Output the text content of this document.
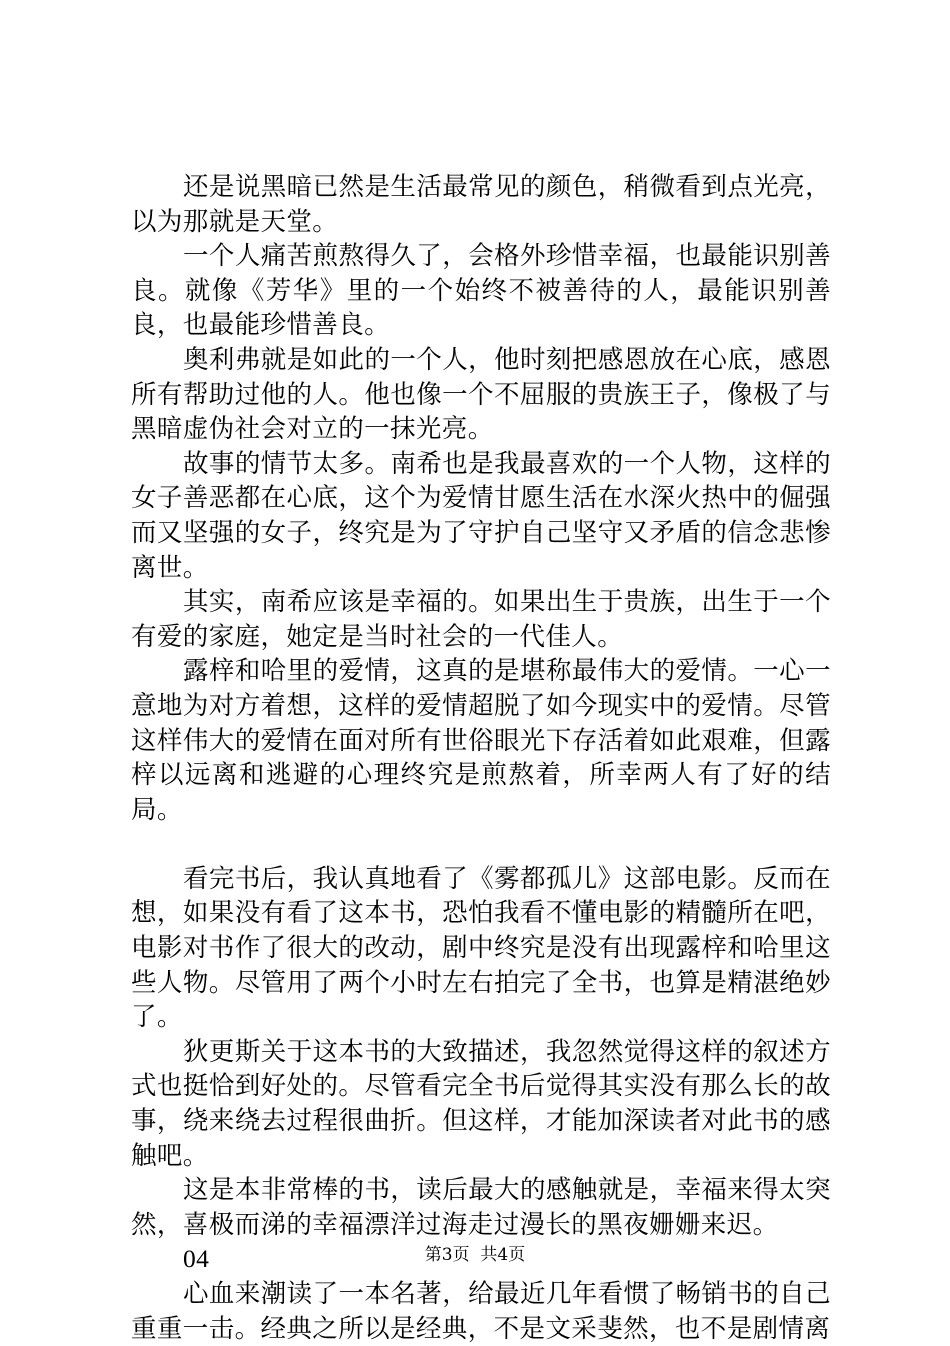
还是说黑暗已然是生活最常见的颜色，稍微看到点光亮，以为那就是天堂。

一个人痛苦煎熬得久了，会格外珍惜幸福，也最能识别善良。就像《芳华》里的一个始终不被善待的人，最能识别善良，也最能珍惜善良。

奥利弗就是如此的一个人，他时刻把感恩放在心底，感恩所有帮助过他的人。他也像一个不屈服的贵族王子，像极了与黑暗虚伪社会对立的一抹光亮。

故事的情节太多。南希也是我最喜欢的一个人物，这样的女子善恶都在心底，这个为爱情甘愿生活在水深火热中的倔强而又坚强的女子，终究是为了守护自己坚守又矛盾的信念悲惨离世。

其实，南希应该是幸福的。如果出生于贵族，出生于一个有爱的家庭，她定是当时社会的一代佳人。

露梓和哈里的爱情，这真的是堪称最伟大的爱情。一心一意地为对方着想，这样的爱情超脱了如今现实中的爱情。尽管这样伟大的爱情在面对所有世俗眼光下存活着如此艰难，但露梓以远离和逃避的心理终究是煎熬着，所幸两人有了好的结局。

看完书后，我认真地看了《雾都孤儿》这部电影。反而在想，如果没有看了这本书，恐怕我看不懂电影的精髓所在吧，电影对书作了很大的改动，剧中终究是没有出现露梓和哈里这些人物。尽管用了两个小时左右拍完了全书，也算是精湛绝妙了。

狄更斯关于这本书的大致描述，我忽然觉得这样的叙述方式也挺恰到好处的。尽管看完全书后觉得其实没有那么长的故事，绕来绕去过程很曲折。但这样，才能加深读者对此书的感触吧。

这是本非常棒的书，读后最大的感触就是，幸福来得太突然，喜极而涕的幸福漂洋过海走过漫长的黑夜姗姗来迟。

04

心血来潮读了一本名著，给最近几年看惯了畅销书的自己重重一击。经典之所以是经典，不是文采斐然，也不是剧情离

第3页 共4页
